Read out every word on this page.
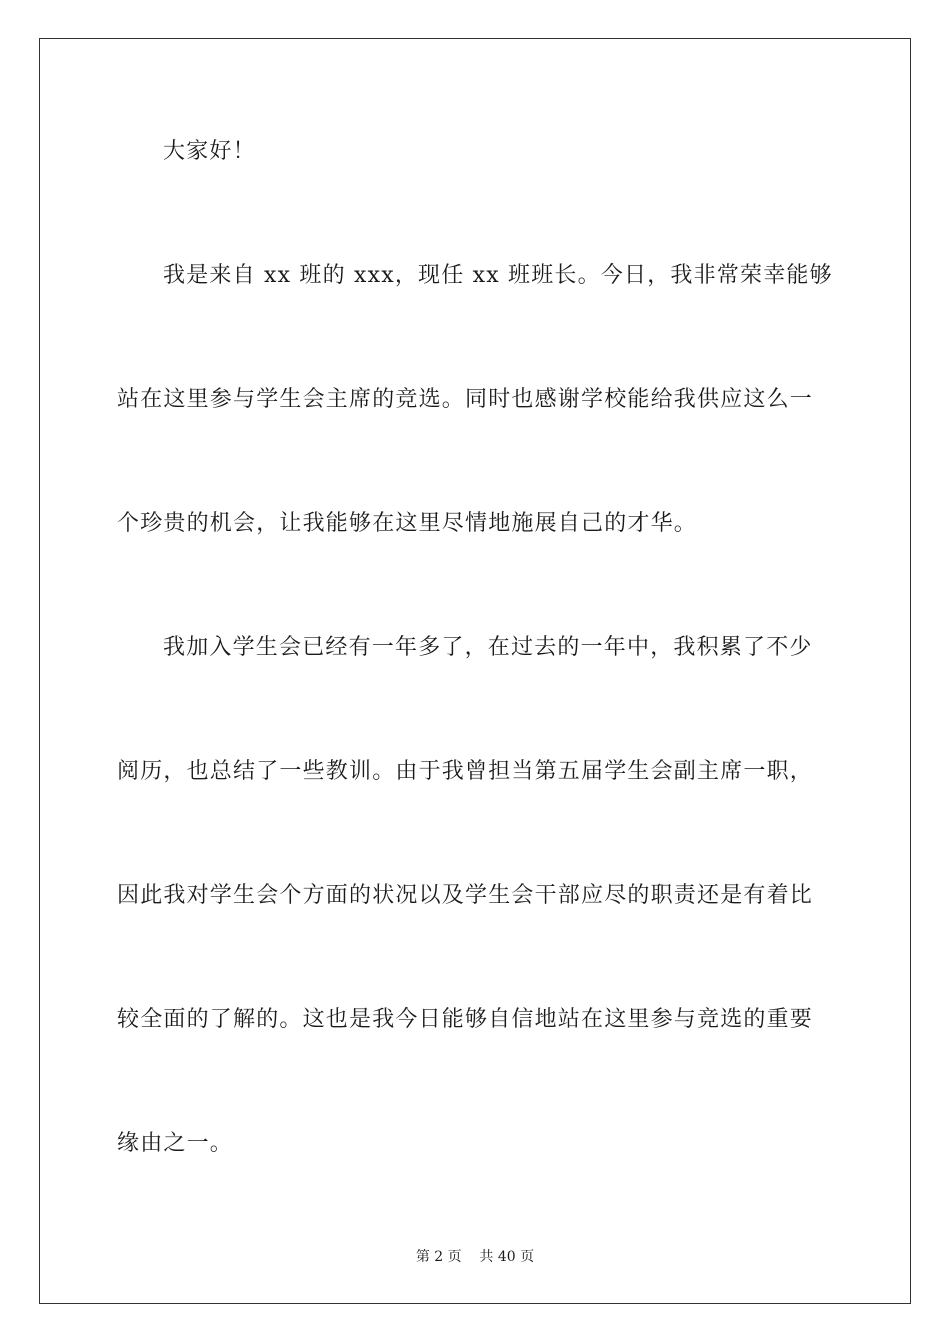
大家好！
我是来自 xx 班的 xxx，现任 xx 班班长。今日，我非常荣幸能够
站在这里参与学生会主席的竞选。同时也感谢学校能给我供应这么一
个珍贵的机会，让我能够在这里尽情地施展自己的才华。
我加入学生会已经有一年多了，在过去的一年中，我积累了不少
阅历，也总结了一些教训。由于我曾担当第五届学生会副主席一职，
因此我对学生会个方面的状况以及学生会干部应尽的职责还是有着比
较全面的了解的。这也是我今日能够自信地站在这里参与竞选的重要
缘由之一。
第 2 页    共 40 页
